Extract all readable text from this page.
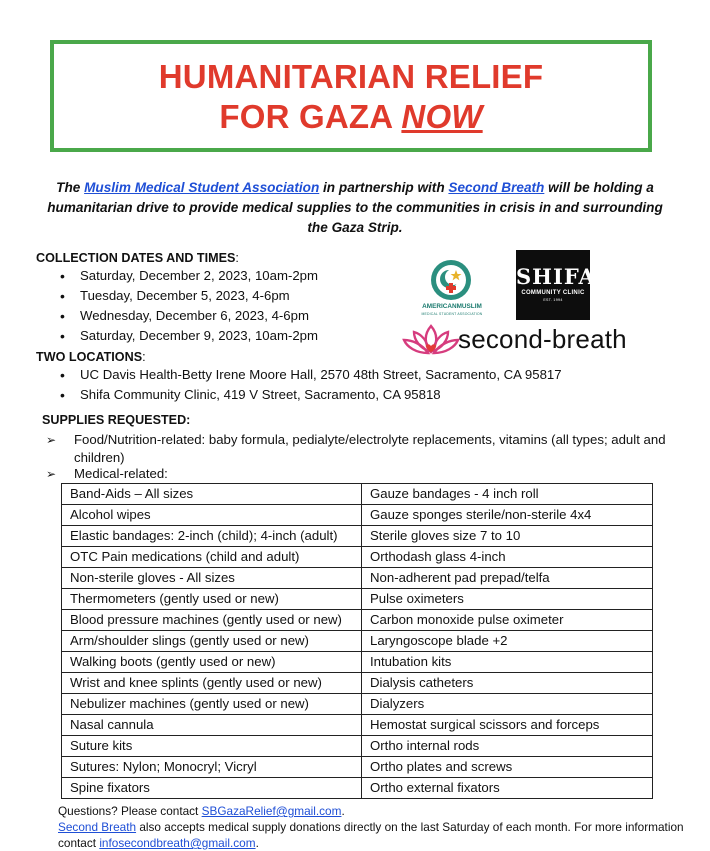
HUMANITARIAN RELIEF
FOR GAZA NOW
The Muslim Medical Student Association in partnership with Second Breath will be holding a humanitarian drive to provide medical supplies to the communities in crisis in and surrounding the Gaza Strip.
COLLECTION DATES AND TIMES:
• Saturday, December 2, 2023, 10am-2pm
• Tuesday, December 5, 2023, 4-6pm
• Wednesday, December 6, 2023, 4-6pm
• Saturday, December 9, 2023, 10am-2pm
AMERICANMUSLIM
MEDICAL STUDENT ASSOCIATION
SHIFA
COMMUNITY CLINIC
EST. 1994
second-breath
TWO LOCATIONS:
• UC Davis Health-Betty Irene Moore Hall, 2570 48th Street, Sacramento, CA 95817
• Shifa Community Clinic, 419 V Street, Sacramento, CA 95818
SUPPLIES REQUESTED:
➢ Food/Nutrition-related: baby formula, pedialyte/electrolyte replacements, vitamins (all types; adult and children)
➢ Medical-related:
Band-Aids – All sizes	Gauze bandages - 4 inch roll
Alcohol wipes	Gauze sponges sterile/non-sterile 4x4
Elastic bandages: 2-inch (child); 4-inch (adult)	Sterile gloves size 7 to 10
OTC Pain medications (child and adult)	Orthodash glass 4-inch
Non-sterile gloves - All sizes	Non-adherent pad prepad/telfa
Thermometers (gently used or new)	Pulse oximeters
Blood pressure machines (gently used or new)	Carbon monoxide pulse oximeter
Arm/shoulder slings (gently used or new)	Laryngoscope blade +2
Walking boots (gently used or new)	Intubation kits
Wrist and knee splints (gently used or new)	Dialysis catheters
Nebulizer machines (gently used or new)	Dialyzers
Nasal cannula	Hemostat surgical scissors and forceps
Suture kits	Ortho internal rods
Sutures: Nylon; Monocryl; Vicryl	Ortho plates and screws
Spine fixators	Ortho external fixators
Questions? Please contact SBGazaRelief@gmail.com.
Second Breath also accepts medical supply donations directly on the last Saturday of each month. For more information contact infosecondbreath@gmail.com.
